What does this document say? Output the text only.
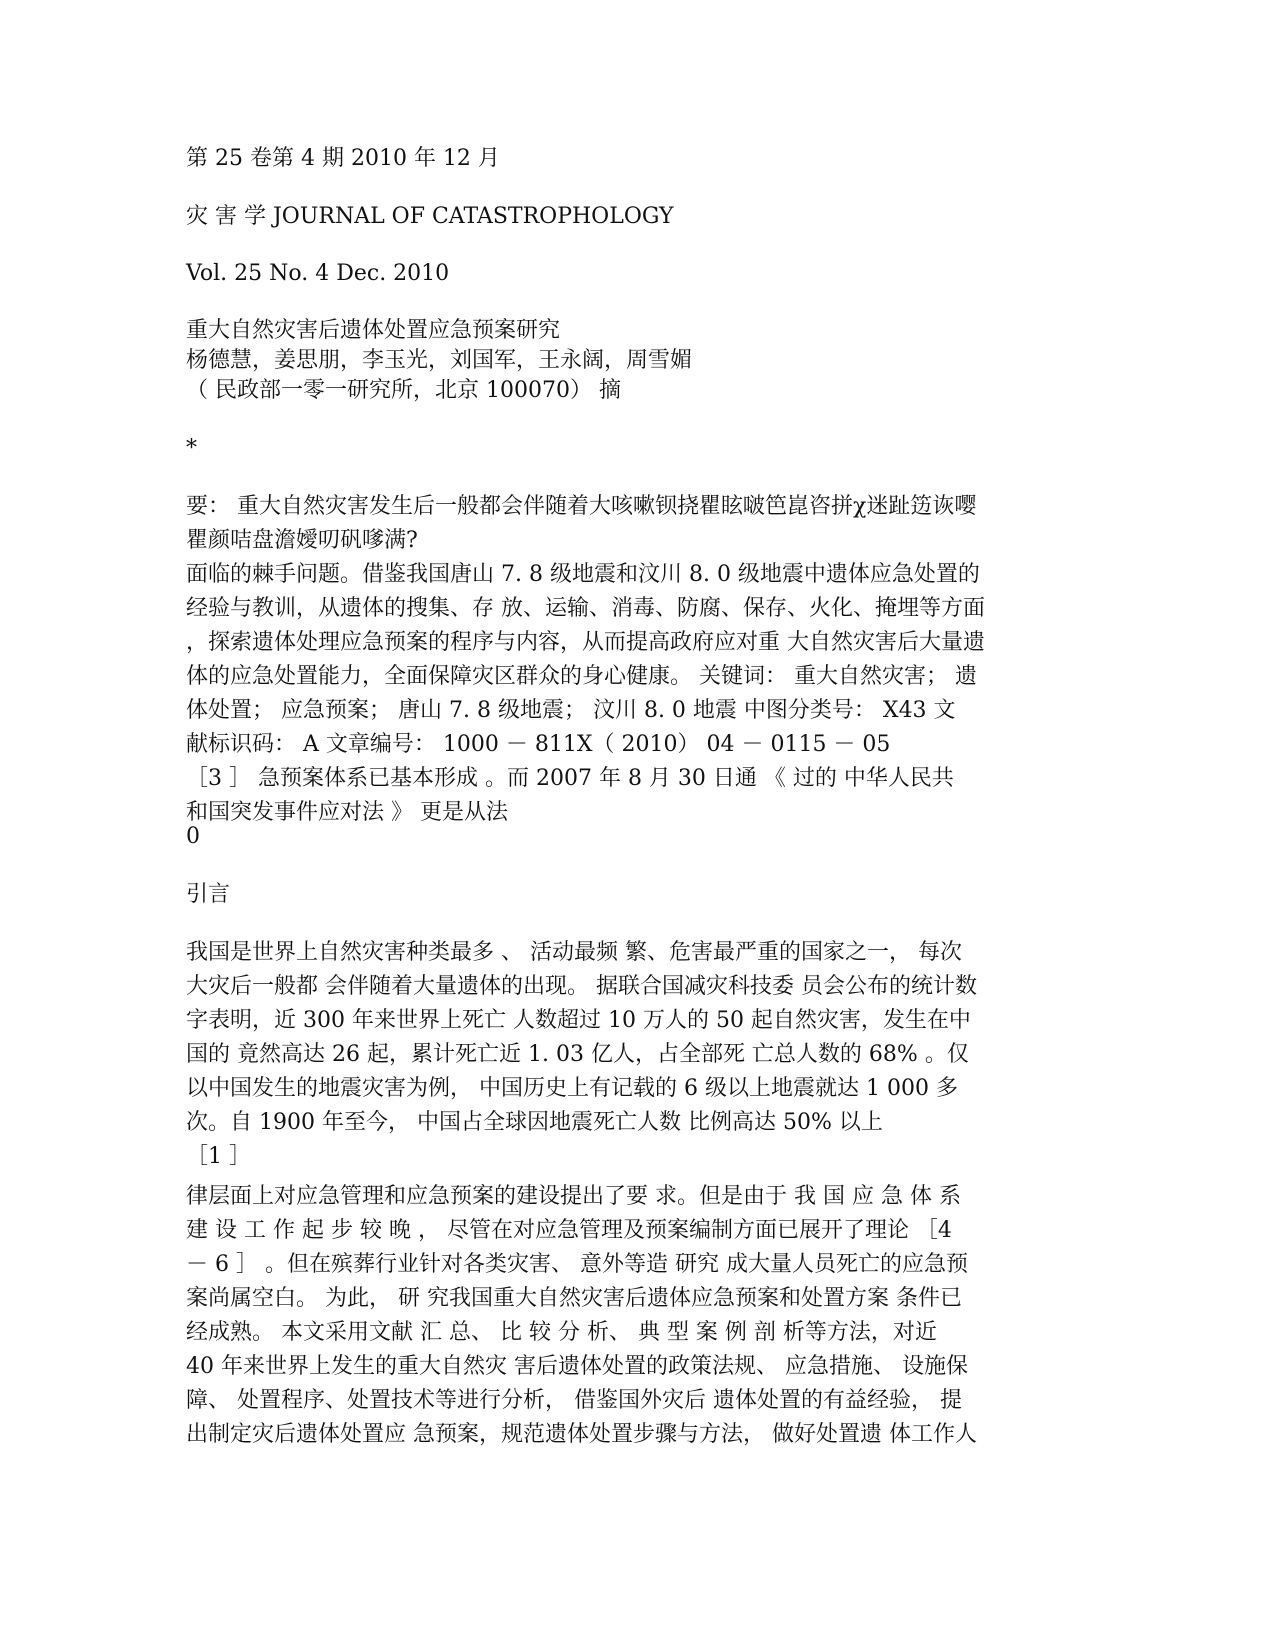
第 25 卷第 4 期 2010 年 12 月
灾 害 学 JOURNAL OF CATASTROPHOLOGY
Vol. 25 No. 4 Dec. 2010
重大自然灾害后遗体处置应急预案研究
杨德慧，姜思朋，李玉光，刘国军，王永阔，周雪媚
（ 民政部一零一研究所，北京 100070） 摘
*
要： 重大自然灾害发生后一般都会伴随着大咳嗽钡挠瞿眩啵笆崑咨拼χ迷趾笾诙嘤
瞿颜咭盘澹嬡叨矾嗲满?
面临的棘手问题。借鉴我国唐山 7. 8 级地震和汶川 8. 0 级地震中遗体应急处置的
经验与教训，从遗体的搜集、存 放、运输、消毒、防腐、保存、火化、掩埋等方面
，探索遗体处理应急预案的程序与内容，从而提高政府应对重 大自然灾害后大量遗
体的应急处置能力，全面保障灾区群众的身心健康。 关键词： 重大自然灾害； 遗
体处置； 应急预案； 唐山 7. 8 级地震； 汶川 8. 0 地震 中图分类号： X43 文
献标识码： A 文章编号： 1000 － 811X（ 2010） 04 － 0115 － 05
［3 ］ 急预案体系已基本形成 。而 2007 年 8 月 30 日通 《 过的 中华人民共
和国突发事件应对法 》 更是从法
0
引言
我国是世界上自然灾害种类最多 、 活动最频 繁、危害最严重的国家之一， 每次
大灾后一般都 会伴随着大量遗体的出现。 据联合国减灾科技委 员会公布的统计数
字表明，近 300 年来世界上死亡 人数超过 10 万人的 50 起自然灾害，发生在中
国的 竟然高达 26 起，累计死亡近 1. 03 亿人，占全部死 亡总人数的 68% 。仅
以中国发生的地震灾害为例， 中国历史上有记载的 6 级以上地震就达 1 000 多
次。自 1900 年至今， 中国占全球因地震死亡人数 比例高达 50% 以上
［1 ］
律层面上对应急管理和应急预案的建设提出了要 求。但是由于 我 国 应 急 体 系
建 设 工 作 起 步 较 晚 ， 尽管在对应急管理及预案编制方面已展开了理论 ［4
－ 6 ］ 。但在殡葬行业针对各类灾害、 意外等造 研究 成大量人员死亡的应急预
案尚属空白。 为此， 研 究我国重大自然灾害后遗体应急预案和处置方案 条件已
经成熟。 本文采用文献 汇 总、 比 较 分 析、 典 型 案 例 剖 析等方法，对近
40 年来世界上发生的重大自然灾 害后遗体处置的政策法规、 应急措施、 设施保
障、 处置程序、处置技术等进行分析， 借鉴国外灾后 遗体处置的有益经验， 提
出制定灾后遗体处置应 急预案，规范遗体处置步骤与方法， 做好处置遗 体工作人
